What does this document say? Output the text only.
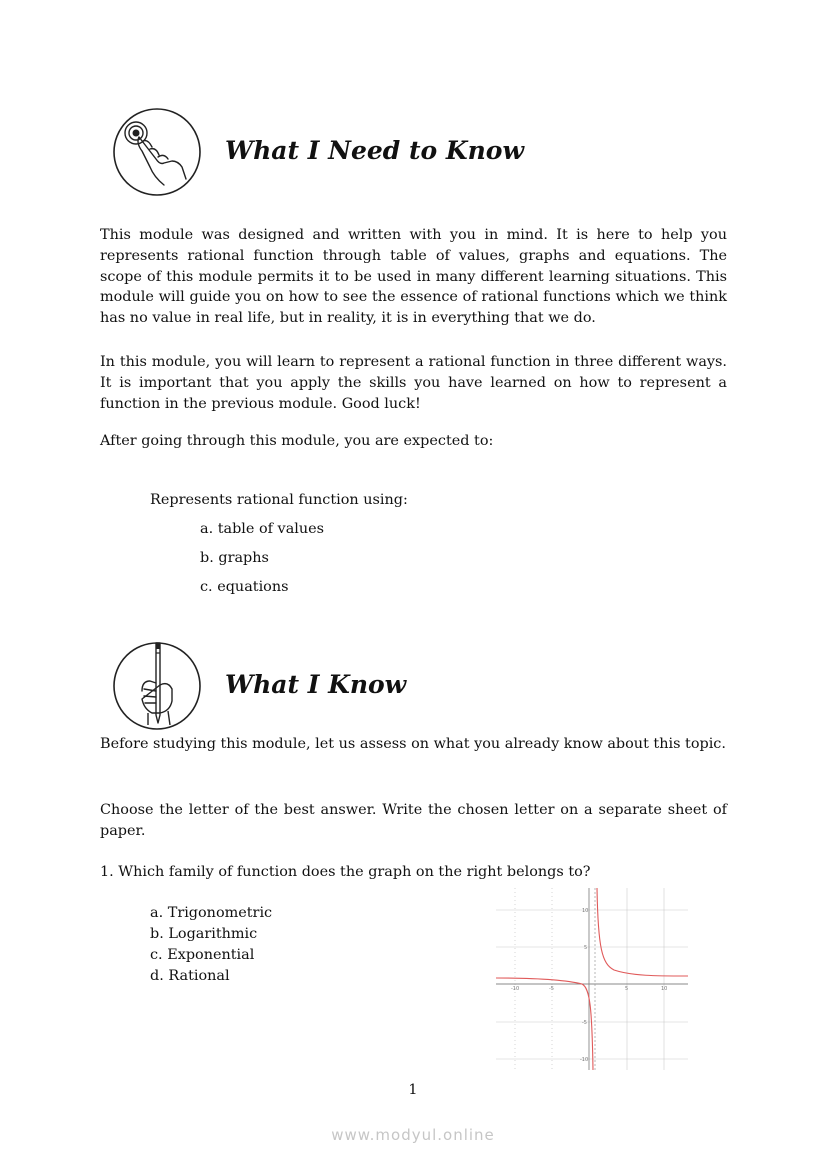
What I Need to Know

This module was designed and written with you in mind. It is here to help you represents rational function through table of values, graphs and equations. The scope of this module permits it to be used in many different learning situations. This module will guide you on how to see the essence of rational functions which we think has no value in real life, but in reality, it is in everything that we do.

In this module, you will learn to represent a rational function in three different ways. It is important that you apply the skills you have learned on how to represent a function in the previous module. Good luck!

After going through this module, you are expected to:

Represents rational function using:

a. table of values

b. graphs

c. equations

What I Know

Before studying this module, let us assess on what you already know about this topic.

Choose the letter of the best answer. Write the chosen letter on a separate sheet of paper.

1. Which family of function does the graph on the right belongs to?

a. Trigonometric

b. Logarithmic

c. Exponential

d. Rational

-10	-5	5	10
10
5
-5
-10
1
www.modyul.online
